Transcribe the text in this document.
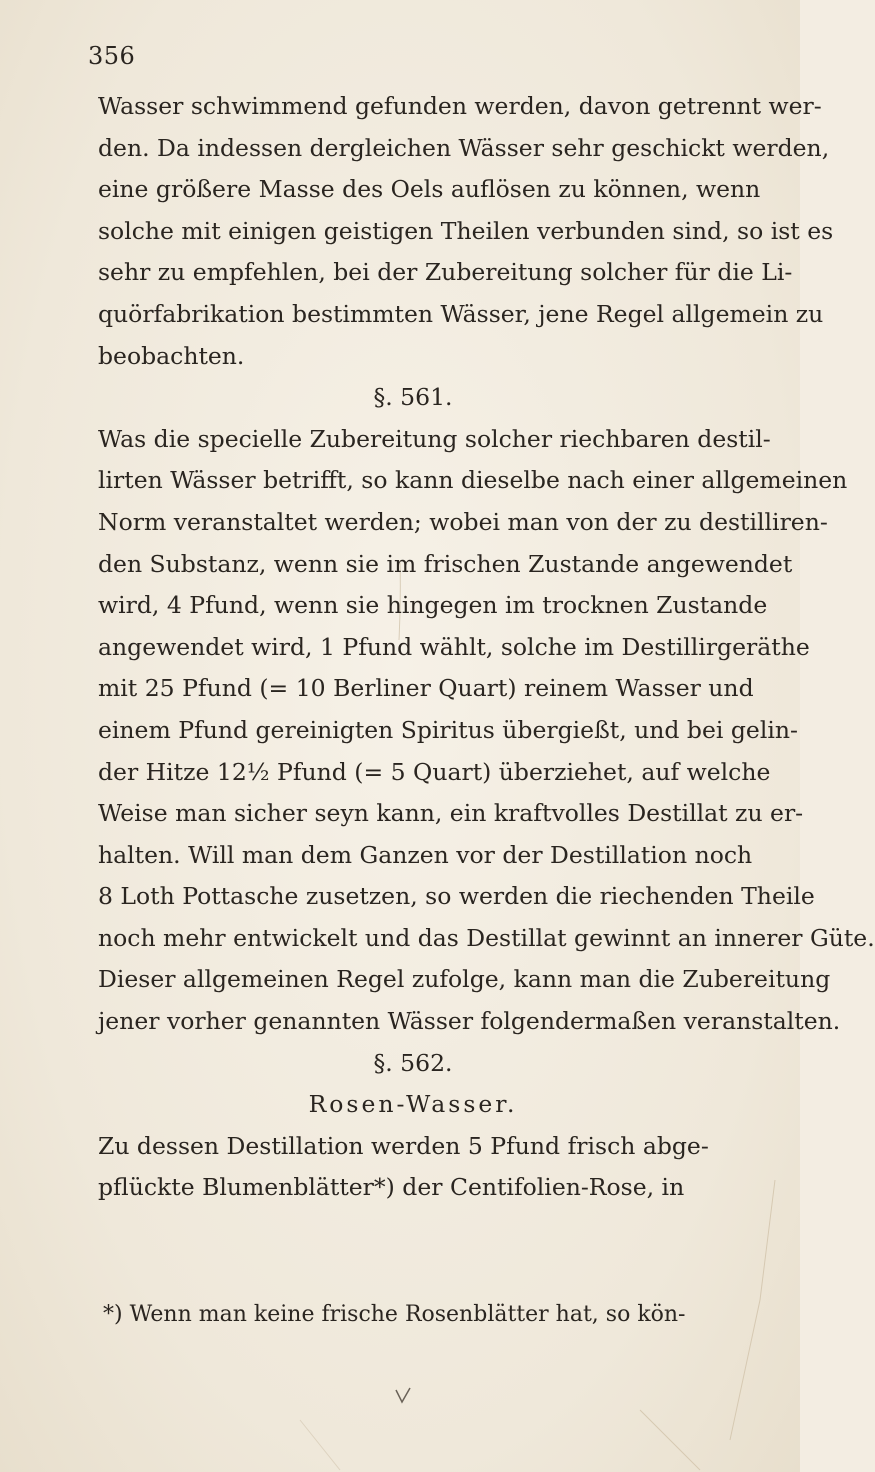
356
Wasser schwimmend gefunden werden, davon getrennt wer-
den. Da indessen dergleichen Wässer sehr geschickt werden,
eine größere Masse des Oels auflösen zu können, wenn
solche mit einigen geistigen Theilen verbunden sind, so ist es
sehr zu empfehlen, bei der Zubereitung solcher für die Li-
quörfabrikation bestimmten Wässer, jene Regel allgemein zu
beobachten.
§. 561.
Was die specielle Zubereitung solcher riechbaren destil-
lirten Wässer betrifft, so kann dieselbe nach einer allgemeinen
Norm veranstaltet werden; wobei man von der zu destilliren-
den Substanz, wenn sie im frischen Zustande angewendet
wird, 4 Pfund, wenn sie hingegen im trocknen Zustande
angewendet wird, 1 Pfund wählt, solche im Destillirgeräthe
mit 25 Pfund (= 10 Berliner Quart) reinem Wasser und
einem Pfund gereinigten Spiritus übergießt, und bei gelin-
der Hitze 12½ Pfund (= 5 Quart) überziehet, auf welche
Weise man sicher seyn kann, ein kraftvolles Destillat zu er-
halten. Will man dem Ganzen vor der Destillation noch
8 Loth Pottasche zusetzen, so werden die riechenden Theile
noch mehr entwickelt und das Destillat gewinnt an innerer Güte.
Dieser allgemeinen Regel zufolge, kann man die Zubereitung
jener vorher genannten Wässer folgendermaßen veranstalten.
§. 562.
Rosen-Wasser.
Zu dessen Destillation werden 5 Pfund frisch abge-
pflückte Blumenblätter*) der Centifolien-Rose, in
*) Wenn man keine frische Rosenblätter hat, so kön-
